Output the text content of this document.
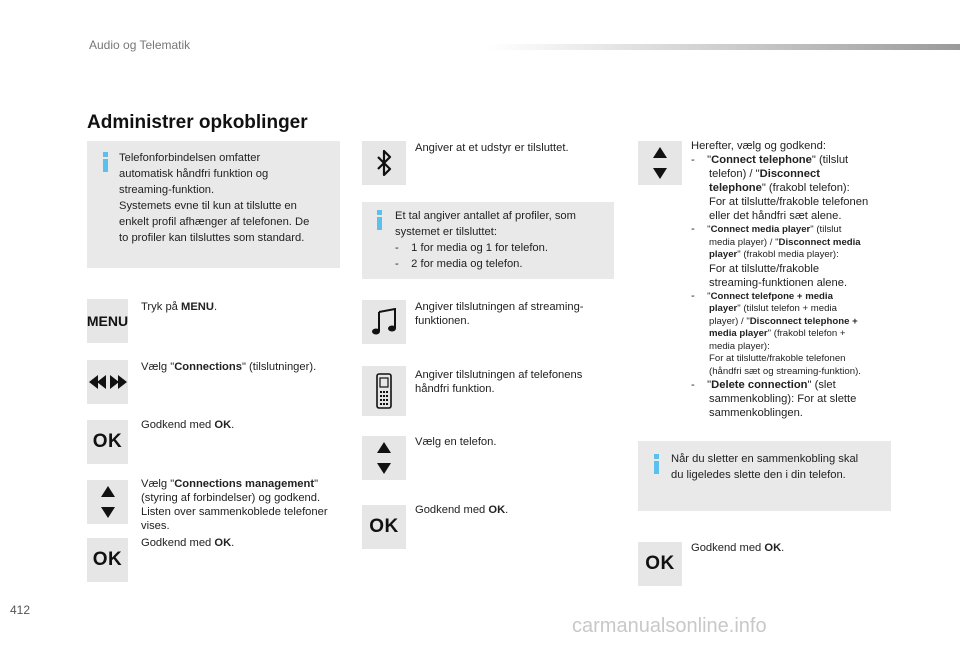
Audio og Telematik
Administrer opkoblinger
Telefonforbindelsen omfatter
automatisk håndfri funktion og
streaming-funktion.
Systemets evne til kun at tilslutte en
enkelt profil afhænger af telefonen. De
to profiler kan tilsluttes som standard.
MENU
Tryk på MENU.
Vælg "Connections" (tilslutninger).
OK
Godkend med OK.
Vælg "Connections management"
(styring af forbindelser) og godkend.
Listen over sammenkoblede telefoner
vises.
OK
Godkend med OK.
Angiver at et udstyr er tilsluttet.
Et tal angiver antallet af profiler, som
systemet er tilsluttet:
-    1 for media og 1 for telefon.
-    2 for media og telefon.
Angiver tilslutningen af streaming-
funktionen.
Angiver tilslutningen af telefonens
håndfri funktion.
Vælg en telefon.
OK
Godkend med OK.
Herefter, vælg og godkend:
-    "Connect telephone" (tilslut
telefon) / "Disconnect
telephone" (frakobl telefon):
For at tilslutte/frakoble telefonen
eller det håndfri sæt alene.
-    "Connect media player" (tilslut
media player) / "Disconnect media
player" (frakobl media player):
For at tilslutte/frakoble
streaming-funktionen alene.
-    "Connect telefpone + media
player" (tilslut telefon + media
player) / "Disconnect telephone +
media player" (frakobl telefon +
media player):
For at tilslutte/frakoble telefonen
(håndfri sæt og streaming-funktion).
-    "Delete connection" (slet
sammenkobling): For at slette
sammenkoblingen.
Når du sletter en sammenkobling skal
du ligeledes slette den i din telefon.
OK
Godkend med OK.
412
carmanualsonline.info
